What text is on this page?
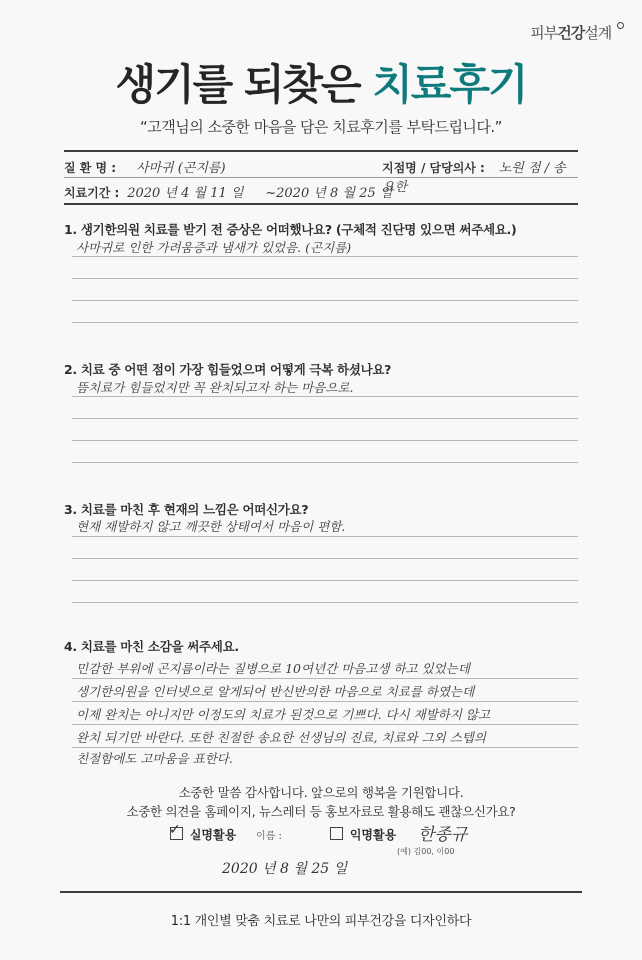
피부건강설계
생기를 되찾은 치료후기
“고객님의 소중한 마음을 담은 치료후기를 부탁드립니다.”
질 환 명 : 사마귀 (곤지름)	지점명 / 담당의사 : 노원 점 / 송요한
치료기간 : 2020 년 4 월 11 일 ~2020 년 8 월 25 일
1. 생기한의원 치료를 받기 전 증상은 어떠했나요? (구체적 진단명 있으면 써주세요.)
사마귀로 인한 가려움증과 냄새가 있었음. (곤지름)
2. 치료 중 어떤 점이 가장 힘들었으며 어떻게 극복 하셨나요?
뜸치료가 힘들었지만 꼭 완치되고자 하는 마음으로.
3. 치료를 마친 후 현재의 느낌은 어떠신가요?
현재 재발하지 않고 깨끗한 상태여서 마음이 편함.
4. 치료를 마친 소감을 써주세요.
민감한 부위에 곤지름이라는 질병으로 10여년간 마음고생 하고 있었는데
생기한의원을 인터넷으로 알게되어 반신반의한 마음으로 치료를 하였는데
이제 완치는 아니지만 이정도의 치료가 된것으로 기쁘다. 다시 재발하지 않고
완치 되기만 바란다. 또한 친절한 송요한 선생님의 진료, 치료와 그외 스텝의
친절함에도 고마움을 표한다.
소중한 말씀 감사합니다. 앞으로의 행복을 기원합니다.
소중한 의견을 홈페이지, 뉴스레터 등 홍보자료로 활용해도 괜찮으신가요?
✓ 실명활용 이름 :	익명활용 한종규
(예) 김00, 이00
2020 년 8 월 25 일
1:1 개인별 맞춤 치료로 나만의 피부건강을 디자인하다
